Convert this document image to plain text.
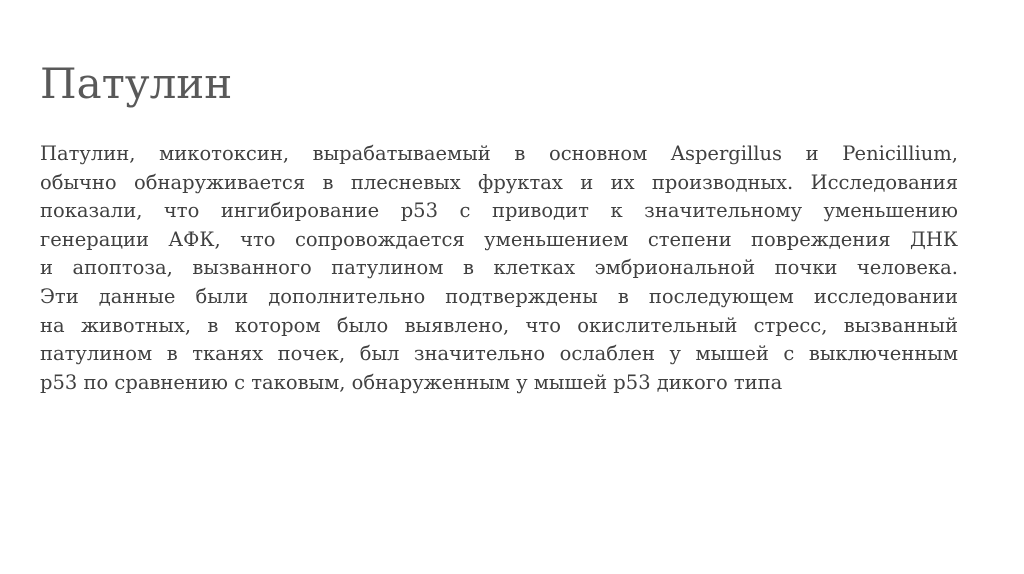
Патулин
Патулин, микотоксин, вырабатываемый в основном Aspergillus и Penicillium,
обычно обнаруживается в плесневых фруктах и их производных. Исследования
показали, что ингибирование p53 с приводит к значительному уменьшению
генерации АФК, что сопровождается уменьшением степени повреждения ДНК
и апоптоза, вызванного патулином в клетках эмбриональной почки человека.
Эти данные были дополнительно подтверждены в последующем исследовании
на животных, в котором было выявлено, что окислительный стресс, вызванный
патулином в тканях почек, был значительно ослаблен у мышей с выключенным
p53 по сравнению с таковым, обнаруженным у мышей p53 дикого типа
